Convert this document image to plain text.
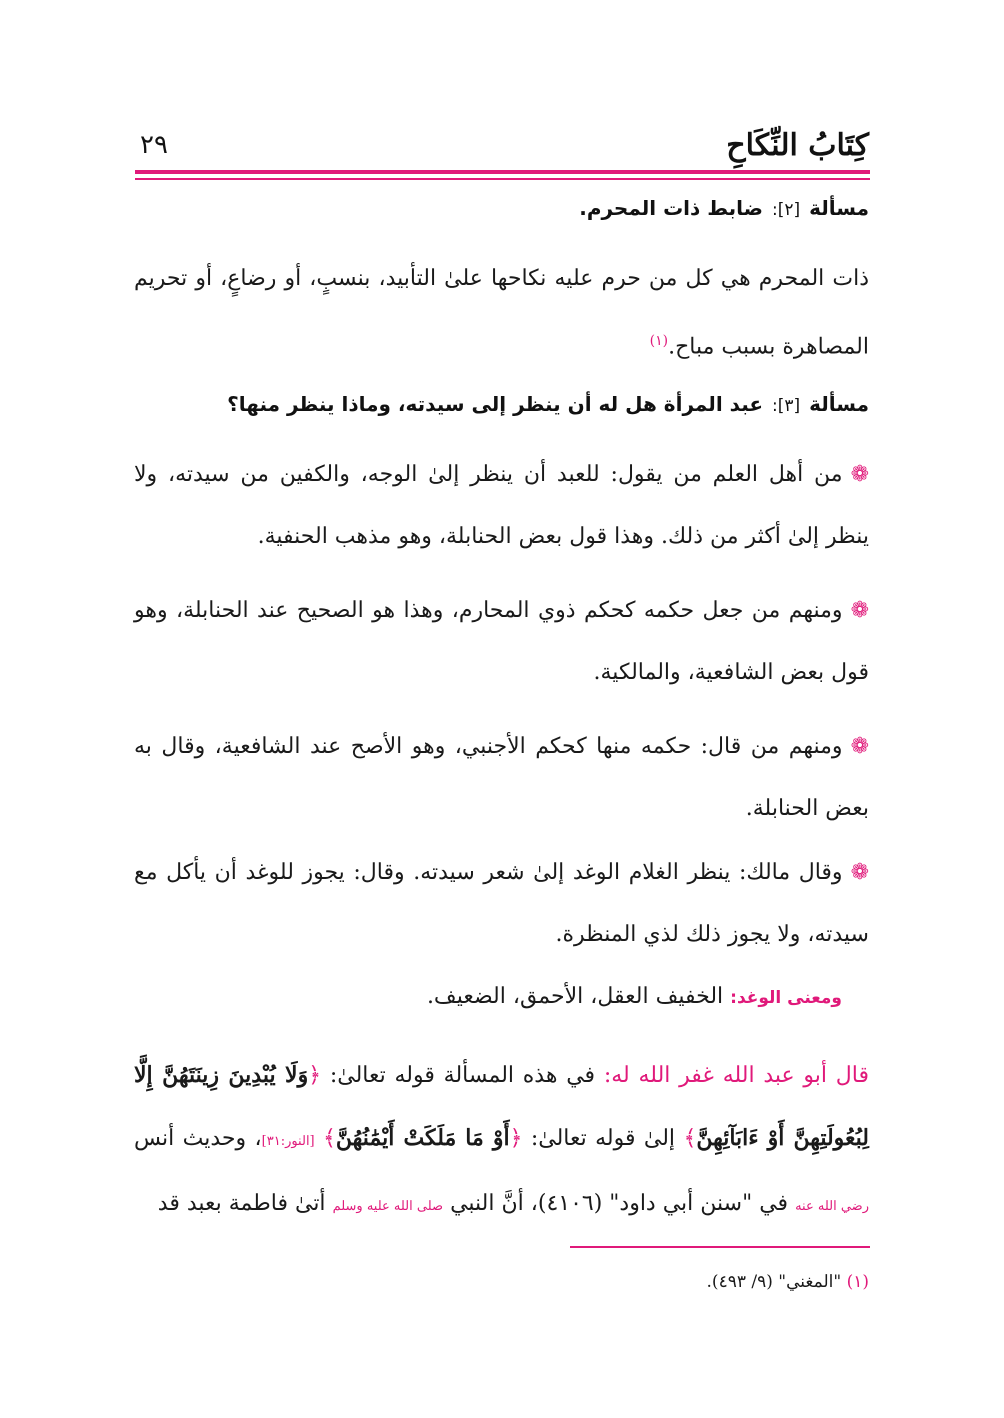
كِتَابُ النِّكَاحِ
٢٩
مسألة [٢]: ضابط ذات المحرم.
ذات المحرم هي كل من حرم عليه نكاحها علىٰ التأبيد، بنسبٍ، أو رضاعٍ، أو تحريم المصاهرة بسبب مباح.$^{(١)}$
مسألة [٣]: عبد المرأة هل له أن ينظر إلى سيدته، وماذا ينظر منها؟
❁من أهل العلم من يقول: للعبد أن ينظر إلىٰ الوجه، والكفين من سيدته، ولا ينظر إلىٰ أكثر من ذلك. وهذا قول بعض الحنابلة، وهو مذهب الحنفية.
❁ومنهم من جعل حكمه كحكم ذوي المحارم، وهذا هو الصحيح عند الحنابلة، وهو قول بعض الشافعية، والمالكية.
❁ومنهم من قال: حكمه منها كحكم الأجنبي، وهو الأصح عند الشافعية، وقال به بعض الحنابلة.
❁وقال مالك: ينظر الغلام الوغد إلىٰ شعر سيدته. وقال: يجوز للوغد أن يأكل مع سيدته، ولا يجوز ذلك لذي المنظرة.
ومعنى الوغد: الخفيف العقل، الأحمق، الضعيف.
قال أبو عبد الله غفر الله له: في هذه المسألة قوله تعالىٰ: ﴿وَلَا يُبْدِينَ زِينَتَهُنَّ إِلَّا لِبُعُولَتِهِنَّ أَوْ ءَابَآئِهِنَّ﴾ إلىٰ قوله تعالىٰ: ﴿أَوْ مَا مَلَكَتْ أَيْمَٰنُهُنَّ﴾ [النور:٣١]، وحديث أنس رضي الله عنه في "سنن أبي داود" (٤١٠٦)، أنَّ النبي صلى الله عليه وسلم أتىٰ فاطمة بعبد قد
(١) "المغني" (٩/ ٤٩٣).
